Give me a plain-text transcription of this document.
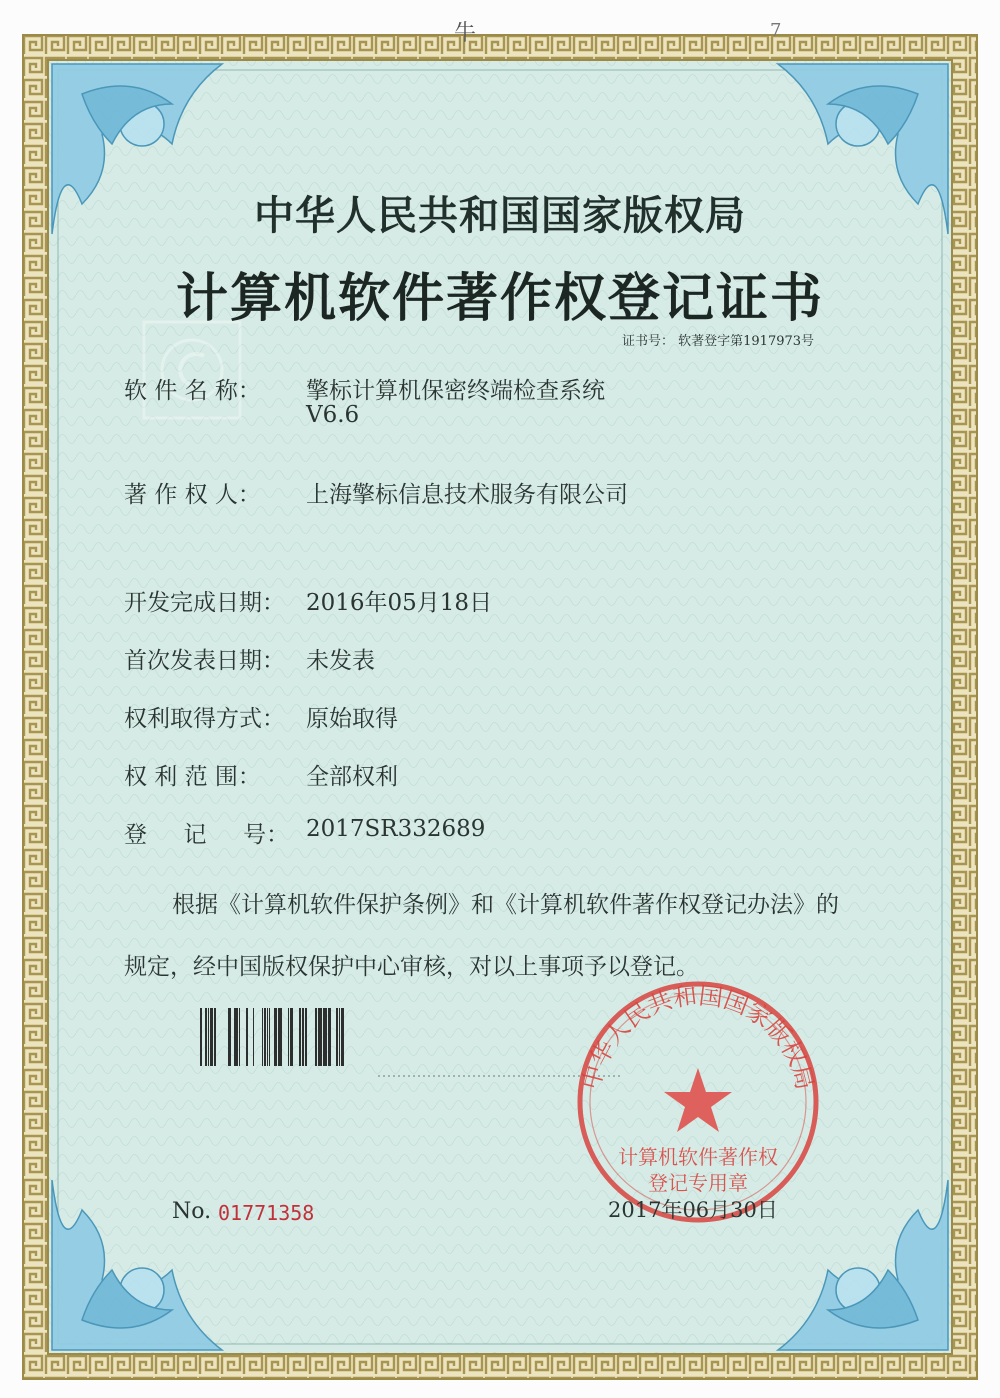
牛	7
中华人民共和国国家版权局
计算机软件著作权登记证书
证书号： 软著登字第1917973号
软 件 名 称： 擎标计算机保密终端检查系统
V6.6
著 作 权 人： 上海擎标信息技术服务有限公司
开发完成日期： 2016年05月18日
首次发表日期： 未发表
权利取得方式： 原始取得
权 利 范 围： 全部权利
登     记     号： 2017SR332689
根据《计算机软件保护条例》和《计算机软件著作权登记办法》的
规定，经中国版权保护中心审核，对以上事项予以登记。
中华人民共和国国家版权局
计算机软件著作权
登记专用章
No. 01771358	2017年06月30日
